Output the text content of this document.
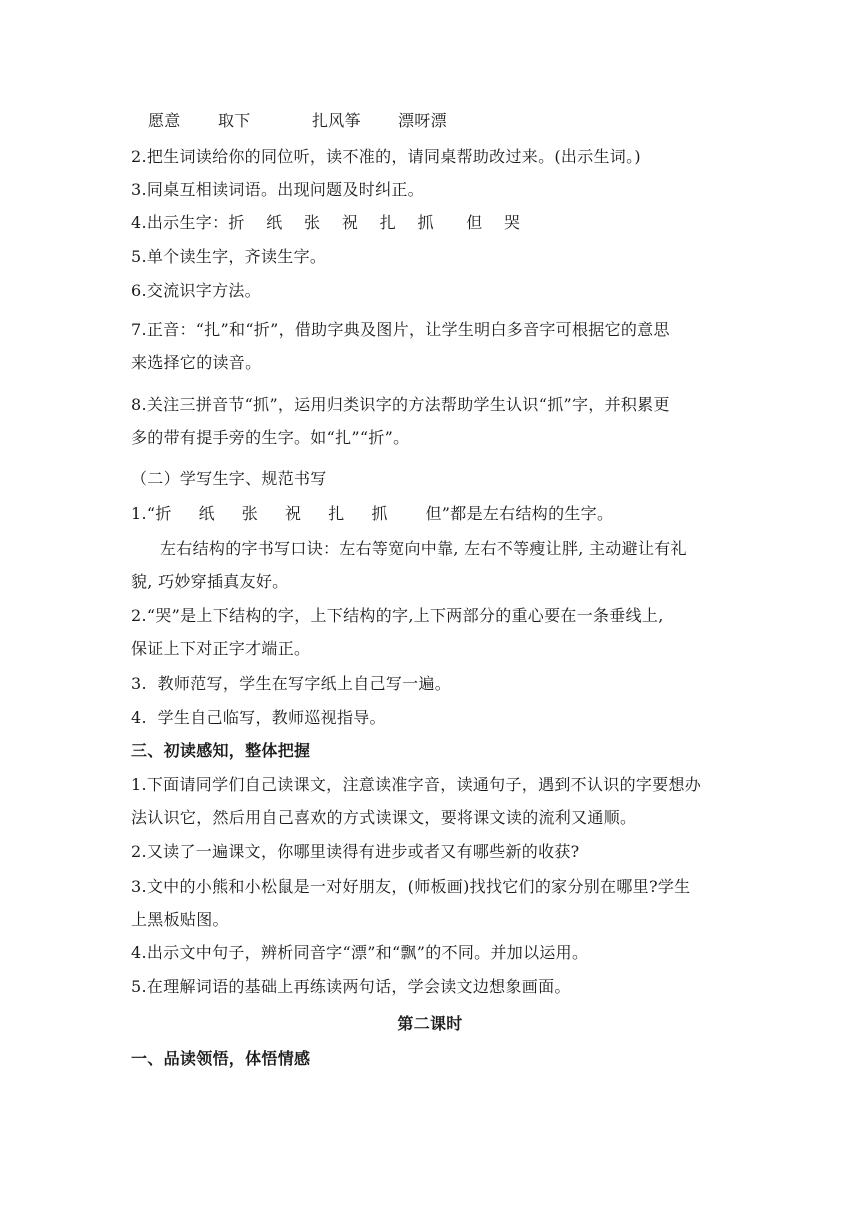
愿意 取下	扎风筝 漂呀漂
2.把生词读给你的同位听，读不准的，请同桌帮助改过来。(出示生词。)
3.同桌互相读词语。出现问题及时纠正。
4.出示生字：折    纸    张    祝    扎    抓      但    哭
5.单个读生字，齐读生字。
6.交流识字方法。
7.正音：“扎”和“折”，借助字典及图片，让学生明白多音字可根据它的意思
来选择它的读音。
8.关注三拼音节“抓”，运用归类识字的方法帮助学生认识“抓”字，并积累更
多的带有提手旁的生字。如“扎”“折”。
（二）学写生字、规范书写
1.“折     纸     张     祝     扎     抓       但”都是左右结构的生字。
左右结构的字书写口诀：左右等宽向中靠, 左右不等瘦让胖, 主动避让有礼
貌, 巧妙穿插真友好。
2.“哭”是上下结构的字，上下结构的字,上下两部分的重心要在一条垂线上,
保证上下对正字才端正。
3.  教师范写，学生在写字纸上自己写一遍。
4.  学生自己临写，教师巡视指导。
三、初读感知，整体把握
1.下面请同学们自己读课文，注意读准字音，读通句子，遇到不认识的字要想办
法认识它，然后用自己喜欢的方式读课文，要将课文读的流利又通顺。
2.又读了一遍课文，你哪里读得有进步或者又有哪些新的收获?
3.文中的小熊和小松鼠是一对好朋友，(师板画)找找它们的家分别在哪里?学生
上黑板贴图。
4.出示文中句子，辨析同音字“漂”和“飘”的不同。并加以运用。
5.在理解词语的基础上再练读两句话，学会读文边想象画面。
第二课时
一、品读领悟，体悟情感
